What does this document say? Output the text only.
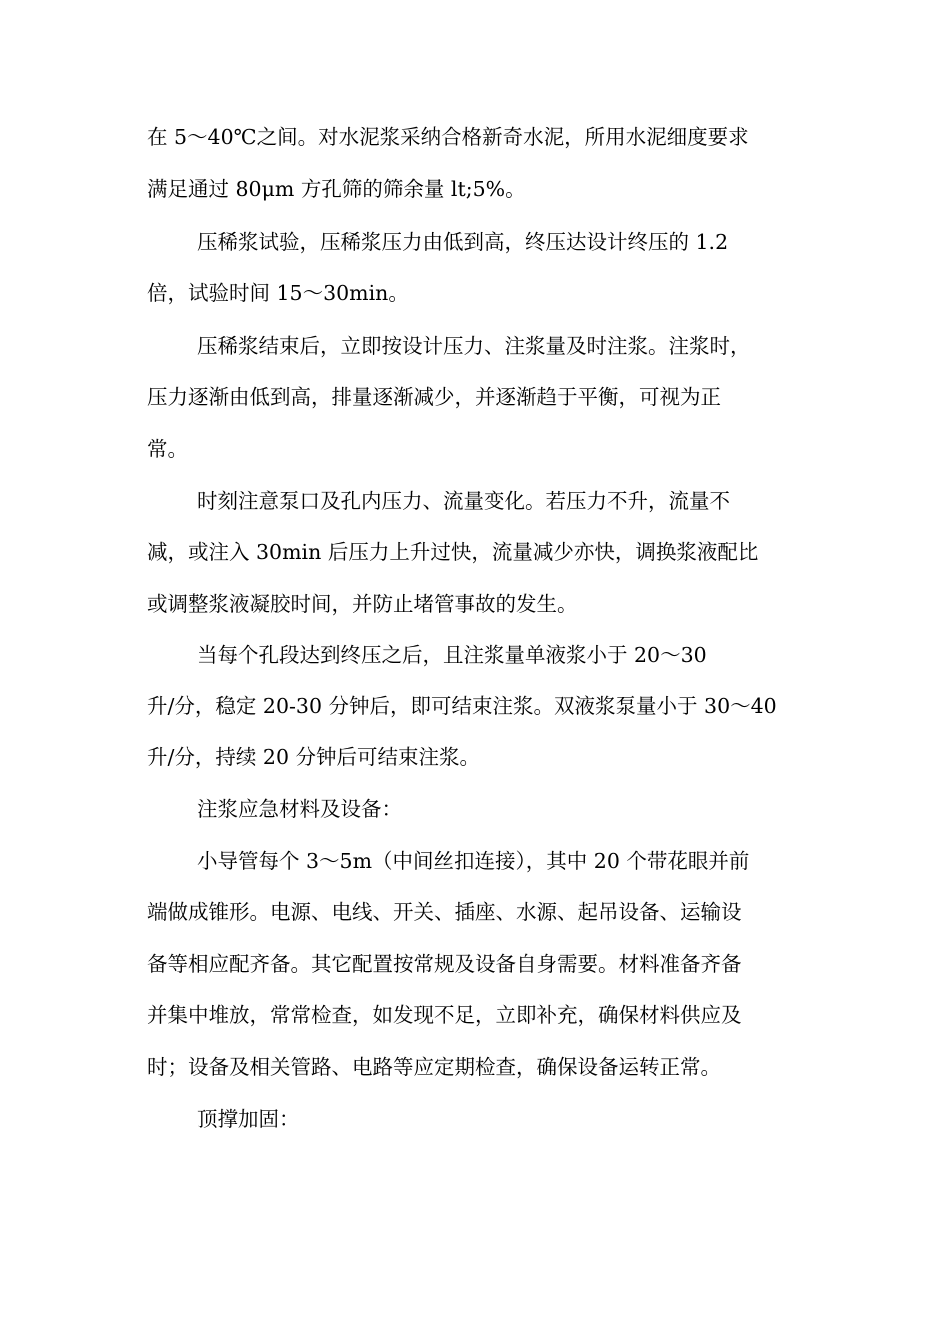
在 5～40℃之间。对水泥浆采纳合格新奇水泥，所用水泥细度要求
满足通过 80μm 方孔筛的筛余量 lt;5%。
压稀浆试验，压稀浆压力由低到高，终压达设计终压的 1.2
倍，试验时间 15～30min。
压稀浆结束后，立即按设计压力、注浆量及时注浆。注浆时，
压力逐渐由低到高，排量逐渐减少，并逐渐趋于平衡，可视为正
常。
时刻注意泵口及孔内压力、流量变化。若压力不升，流量不
减，或注入 30min 后压力上升过快，流量减少亦快，调换浆液配比
或调整浆液凝胶时间，并防止堵管事故的发生。
当每个孔段达到终压之后，且注浆量单液浆小于 20～30
升/分，稳定 20-30 分钟后，即可结束注浆。双液浆泵量小于 30～40
升/分，持续 20 分钟后可结束注浆。
注浆应急材料及设备：
小导管每个 3～5m（中间丝扣连接），其中 20 个带花眼并前
端做成锥形。电源、电线、开关、插座、水源、起吊设备、运输设
备等相应配齐备。其它配置按常规及设备自身需要。材料准备齐备
并集中堆放，常常检查，如发现不足，立即补充，确保材料供应及
时；设备及相关管路、电路等应定期检查，确保设备运转正常。
顶撑加固：
